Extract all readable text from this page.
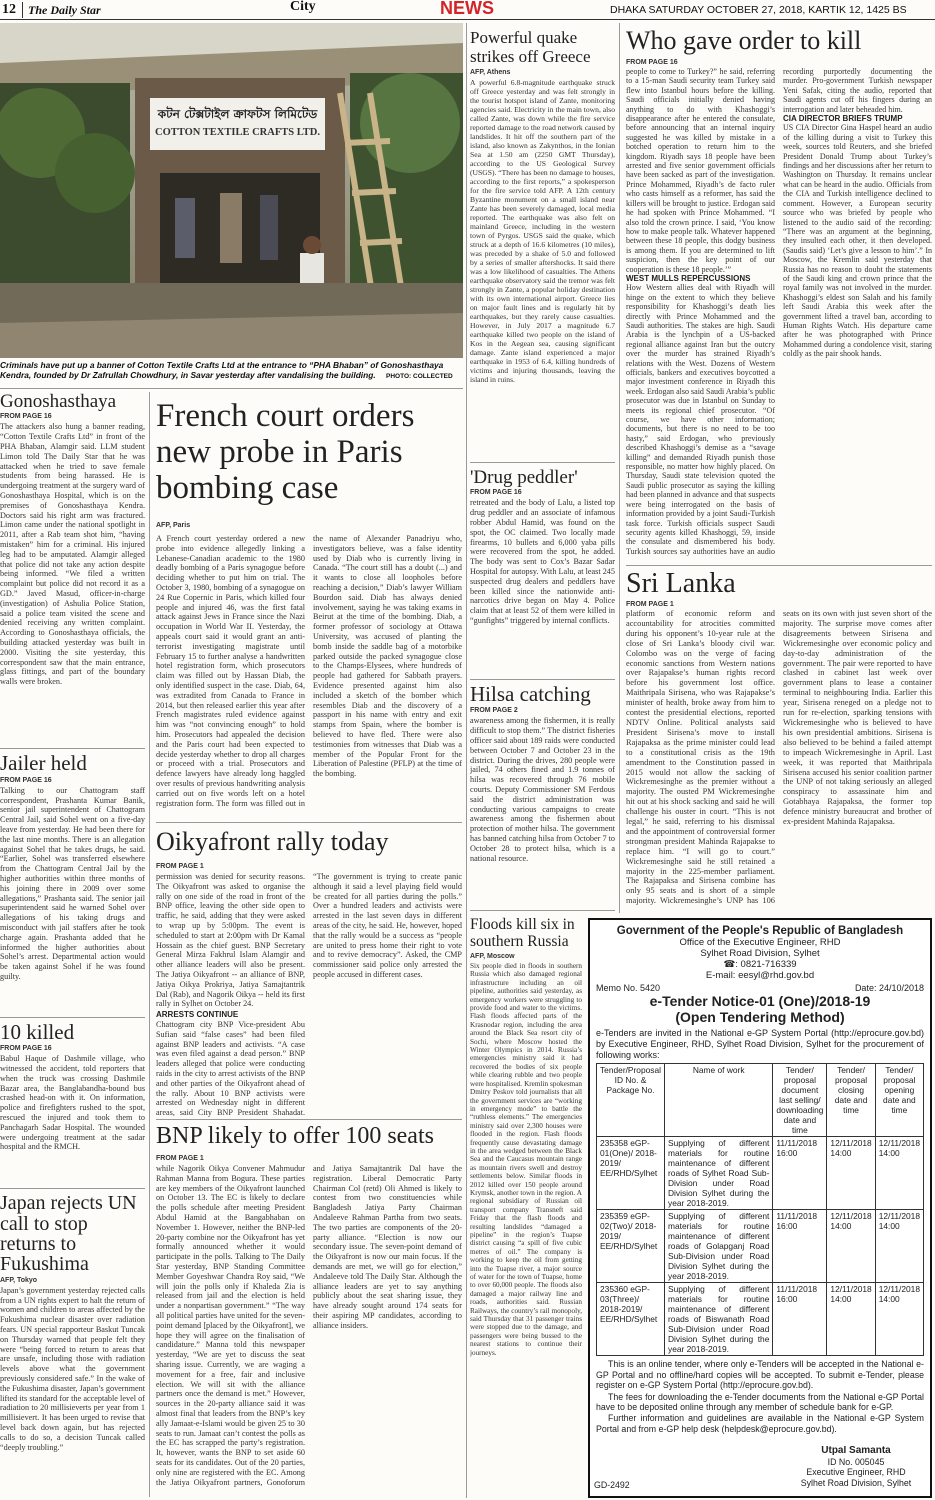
12	The Daily Star	City	NEWS	DHAKA SATURDAY OCTOBER 27, 2018, KARTIK 12, 1425 BS
কটন টেক্সটাইল ক্রাফটস লিমিটেড
COTTON TEXTILE CRAFTS LTD.
Criminals have put up a banner of Cotton Textile Crafts Ltd at the entrance to “PHA Bhaban” of Gonoshasthaya Kendra, founded by Dr Zafrullah Chowdhury, in Savar yesterday after vandalising the building. PHOTO: COLLECTED
Gonoshasthaya
FROM PAGE 16
The attackers also hung a banner reading, “Cotton Textile Crafts Ltd” in front of the PHA Bhaban, Alamgir said. LLM student Limon told The Daily Star that he was attacked when he tried to save female students from being harassed. He is undergoing treatment at the surgery ward of Gonoshasthaya Hospital, which is on the premises of Gonoshasthaya Kendra. Doctors said his right arm was fractured. Limon came under the national spotlight in 2011, after a Rab team shot him, “having mistaken” him for a criminal. His injured leg had to be amputated. Alamgir alleged that police did not take any action despite being informed. “We filed a written complaint but police did not record it as a GD.” Javed Masud, officer-in-charge (investigation) of Ashulia Police Station, said a police team visited the scene and denied receiving any written complaint. According to Gonoshasthaya officials, the building attacked yesterday was built in 2000. Visiting the site yesterday, this correspondent saw that the main entrance, glass fittings, and part of the boundary walls were broken.
Jailer held
FROM PAGE 16
Talking to our Chattogram staff correspondent, Prashanta Kumar Banik, senior jail superintendent of Chattogram Central Jail, said Sohel went on a five-day leave from yesterday. He had been there for the last nine months. There is an allegation against Sohel that he takes drugs, he said. “Earlier, Sohel was transferred elsewhere from the Chattogram Central Jail by the higher authorities within three months of his joining there in 2009 over some allegations,” Prashanta said. The senior jail superintendent said he warned Sohel over allegations of his taking drugs and misconduct with jail staffers after he took charge again. Prashanta added that he informed the higher authorities about Sohel’s arrest. Departmental action would be taken against Sohel if he was found guilty.
10 killed
FROM PAGE 16
Babul Haque of Dashmile village, who witnessed the accident, told reporters that when the truck was crossing Dashmile Bazar area, the Banglabandha-bound bus crashed head-on with it. On information, police and firefighters rushed to the spot, rescued the injured and took them to Panchagarh Sadar Hospital. The wounded were undergoing treatment at the sadar hospital and the RMCH.
Japan rejects UN call to stop returns to Fukushima
AFP, Tokyo
Japan’s government yesterday rejected calls from a UN rights expert to halt the return of women and children to areas affected by the Fukushima nuclear disaster over radiation fears. UN special rapporteur Baskut Tuncak on Thursday warned that people felt they were “being forced to return to areas that are unsafe, including those with radiation levels above what the government previously considered safe.” In the wake of the Fukushima disaster, Japan’s government lifted its standard for the acceptable level of radiation to 20 millisieverts per year from 1 millisievert. It has been urged to revise that level back down again, but has rejected calls to do so, a decision Tuncak called “deeply troubling.”
French court orders new probe in Paris bombing case
AFP, Paris
A French court yesterday ordered a new probe into evidence allegedly linking a Lebanese-Canadian academic to the 1980 deadly bombing of a Paris synagogue before deciding whether to put him on trial. The October 3, 1980, bombing of a synagogue on 24 Rue Copernic in Paris, which killed four people and injured 46, was the first fatal attack against Jews in France since the Nazi occupation in World War II. Yesterday, the appeals court said it would grant an anti-terrorist investigating magistrate until February 15 to further analyse a handwritten hotel registration form, which prosecutors claim was filled out by Hassan Diab, the only identified suspect in the case. Diab, 64, was extradited from Canada to France in 2014, but then released earlier this year after French magistrates ruled evidence against him was “not convincing enough” to hold him. Prosecutors had appealed the decision and the Paris court had been expected to decide yesterday whether to drop all charges or proceed with a trial. Prosecutors and defence lawyers have already long haggled over results of previous handwriting analysis carried out on five words left on a hotel registration form. The form was filled out in the name of Alexander Panadriyu who, investigators believe, was a false identity used by Diab who is currently living in Canada. “The court still has a doubt (...) and it wants to close all loopholes before reaching a decision,” Diab’s lawyer William Bourdon said. Diab has always denied involvement, saying he was taking exams in Beirut at the time of the bombing. Diab, a former professor of sociology at Ottawa University, was accused of planting the bomb inside the saddle bag of a motorbike parked outside the packed synagogue close to the Champs-Elysees, where hundreds of people had gathered for Sabbath prayers. Evidence presented against him also included a sketch of the bomber which resembles Diab and the discovery of a passport in his name with entry and exit stamps from Spain, where the bomber is believed to have fled. There were also testimonies from witnesses that Diab was a member of the Popular Front for the Liberation of Palestine (PFLP) at the time of the bombing.
Oikyafront rally today
FROM PAGE 1
permission was denied for security reasons. The Oikyafront was asked to organise the rally on one side of the road in front of the BNP office, leaving the other side open to traffic, he said, adding that they were asked to wrap up by 5:00pm. The event is scheduled to start at 2:00pm with Dr Kamal Hossain as the chief guest. BNP Secretary General Mirza Fakhrul Islam Alamgir and other alliance leaders will also be present. The Jatiya Oikyafront -- an alliance of BNP, Jatiya Oikya Prokriya, Jatiya Samajtantrik Dal (Rab), and Nagorik Oikya -- held its first rally in Sylhet on October 24.
ARRESTS CONTINUE
Chattogram city BNP Vice-president Abu Sufian said “false cases” had been filed against BNP leaders and activists. “A case was even filed against a dead person.” BNP leaders alleged that police were conducting raids in the city to arrest activists of the BNP and other parties of the Oikyafront ahead of the rally. About 10 BNP activists were arrested on Wednesday night in different areas, said City BNP President Shahadat. “The government is trying to create panic although it said a level playing field would be created for all parties during the polls.” Over a hundred leaders and activists were arrested in the last seven days in different areas of the city, he said. He, however, hoped that the rally would be a success as “people are united to press home their right to vote and to revive democracy”. Asked, the CMP commissioner said police only arrested the people accused in different cases.
BNP likely to offer 100 seats
FROM PAGE 1
while Nagorik Oikya Convener Mahmudur Rahman Manna from Bogura. These parties are key members of the Oikyafront launched on October 13. The EC is likely to declare the polls schedule after meeting President Abdul Hamid at the Bangabhaban on November 1. However, neither the BNP-led 20-party combine nor the Oikyafront has yet formally announced whether it would participate in the polls. Talking to The Daily Star yesterday, BNP Standing Committee Member Goyeshwar Chandra Roy said, “We will join the polls only if Khaleda Zia is released from jail and the election is held under a nonpartisan government.” “The way all political parties have united for the seven-point demand [placed by the Oikyafront], we hope they will agree on the finalisation of candidature.” Manna told this newspaper yesterday, “We are yet to discuss the seat sharing issue. Currently, we are waging a movement for a free, fair and inclusive election. We will sit with the alliance partners once the demand is met.” However, sources in the 20-party alliance said it was almost final that leaders from the BNP’s key ally Jamaat-e-Islami would be given 25 to 30 seats to run. Jamaat can’t contest the polls as the EC has scrapped the party’s registration. It, however, wants the BNP to set aside 60 seats for its candidates. Out of the 20 parties, only nine are registered with the EC. Among the Jatiya Oikyafront partners, Gonoforum and Jatiya Samajtantrik Dal have the registration. Liberal Democratic Party Chairman Col (retd) Oli Ahmed is likely to contest from two constituencies while Bangladesh Jatiya Party Chairman Andaleeve Rahman Partha from two seats. The two parties are components of the 20-party alliance. “Election is now our secondary issue. The seven-point demand of the Oikyafront is now our main focus. If the demands are met, we will go for election,” Andaleeve told The Daily Star. Although the alliance leaders are yet to say anything publicly about the seat sharing issue, they have already sought around 174 seats for their aspiring MP candidates, according to alliance insiders.
Powerful quake strikes off Greece
AFP, Athens
A powerful 6.8-magnitude earthquake struck off Greece yesterday and was felt strongly in the tourist hotspot island of Zante, monitoring agencies said. Electricity in the main town, also called Zante, was down while the fire service reported damage to the road network caused by landslides. It hit off the southern part of the island, also known as Zakynthos, in the Ionian Sea at 1.50 am (2250 GMT Thursday), according to the US Geological Survey (USGS). “There has been no damage to houses, according to the first reports,” a spokesperson for the fire service told AFP. A 12th century Byzantine monument on a small island near Zante has been severely damaged, local media reported. The earthquake was also felt on mainland Greece, including in the western town of Pyrgos. USGS said the quake, which struck at a depth of 16.6 kilometres (10 miles), was preceded by a shake of 5.0 and followed by a series of smaller aftershocks. It said there was a low likelihood of casualties. The Athens earthquake observatory said the tremor was felt strongly in Zante, a popular holiday destination with its own international airport. Greece lies on major fault lines and is regularly hit by earthquakes, but they rarely cause casualties. However, in July 2017 a magnitude 6.7 earthquake killed two people on the island of Kos in the Aegean sea, causing significant damage. Zante island experienced a major earthquake in 1953 of 6.4, killing hundreds of victims and injuring thousands, leaving the island in ruins.
'Drug peddler'
FROM PAGE 16
retreated and the body of Lalu, a listed top drug peddler and an associate of infamous robber Abdul Hamid, was found on the spot, the OC claimed. Two locally made firearms, 10 bullets and 6,000 yaba pills were recovered from the spot, he added. The body was sent to Cox’s Bazar Sadar Hospital for autopsy. With Lalu, at least 245 suspected drug dealers and peddlers have been killed since the nationwide anti-narcotics drive began on May 4. Police claim that at least 52 of them were killed in “gunfights” triggered by internal conflicts.
Hilsa catching
FROM PAGE 2
awareness among the fishermen, it is really difficult to stop them.” The district fisheries officer said about 189 raids were conducted between October 7 and October 23 in the district. During the drives, 280 people were jailed, 74 others fined and 1.9 tonnes of hilsa was recovered through 76 mobile courts. Deputy Commissioner SM Ferdous said the district administration was conducting various campaigns to create awareness among the fishermen about protection of mother hilsa. The government has banned catching hilsa from October 7 to October 28 to protect hilsa, which is a national resource.
Floods kill six in southern Russia
AFP, Moscow
Six people died in floods in southern Russia which also damaged regional infrastructure including an oil pipeline, authorities said yesterday, as emergency workers were struggling to provide food and water to the victims. Flash floods affected parts of the Krasnodar region, including the area around the Black Sea resort city of Sochi, where Moscow hosted the Winter Olympics in 2014. Russia’s emergencies ministry said it had recovered the bodies of six people while clearing rubble and two people were hospitalised. Kremlin spokesman Dmitry Peskov told journalists that all the government services are “working in emergency mode” to battle the “ruthless elements.” The emergencies ministry said over 2,300 houses were flooded in the region. Flash floods frequently cause devastating damage in the area wedged between the Black Sea and the Caucasus mountain range as mountain rivers swell and destroy settlements below. Similar floods in 2012 killed over 150 people around Krymsk, another town in the region. A regional subsidiary of Russian oil transport company Transneft said Friday that the flash floods and resulting landslides “damaged a pipeline” in the region’s Tuapse district causing “a spill of five cubic metres of oil.” The company is working to keep the oil from getting into the Tuapse river, a major source of water for the town of Tuapse, home to over 60,000 people. The floods also damaged a major railway line and roads, authorities said. Russian Railways, the country’s rail monopoly, said Thursday that 31 passenger trains were stopped due to the damage, and passengers were being bussed to the nearest stations to continue their journeys.
Who gave order to kill
FROM PAGE 16
people to come to Turkey?” he said, referring to a 15-man Saudi security team Turkey said flew into Istanbul hours before the killing. Saudi officials initially denied having anything to do with Khashoggi’s disappearance after he entered the consulate, before announcing that an internal inquiry suggested he was killed by mistake in a botched operation to return him to the kingdom. Riyadh says 18 people have been arrested and five senior government officials have been sacked as part of the investigation. Prince Mohammed, Riyadh’s de facto ruler who casts himself as a reformer, has said the killers will be brought to justice. Erdogan said he had spoken with Prince Mohammed. “I also told the crown prince. I said, ‘You know how to make people talk. Whatever happened between these 18 people, this dodgy business is among them. If you are determined to lift suspicion, then the key point of our cooperation is these 18 people.’”
WEST MULLS REPERCUSSIONS
How Western allies deal with Riyadh will hinge on the extent to which they believe responsibility for Khashoggi’s death lies directly with Prince Mohammed and the Saudi authorities. The stakes are high. Saudi Arabia is the lynchpin of a US-backed regional alliance against Iran but the outcry over the murder has strained Riyadh’s relations with the West. Dozens of Western officials, bankers and executives boycotted a major investment conference in Riyadh this week. Erdogan also said Saudi Arabia’s public prosecutor was due in Istanbul on Sunday to meets its regional chief prosecutor. “Of course, we have other information; documents, but there is no need to be too hasty,” said Erdogan, who previously described Khashoggi’s demise as a “savage killing” and demanded Riyadh punish those responsible, no matter how highly placed. On Thursday, Saudi state television quoted the Saudi public prosecutor as saying the killing had been planned in advance and that suspects were being interrogated on the basis of information provided by a joint Saudi-Turkish task force. Turkish officials suspect Saudi security agents killed Khashoggi, 59, inside the consulate and dismembered his body. Turkish sources say authorities have an audio recording purportedly documenting the murder. Pro-government Turkish newspaper Yeni Safak, citing the audio, reported that Saudi agents cut off his fingers during an interrogation and later beheaded him.
CIA DIRECTOR BRIEFS TRUMP
US CIA Director Gina Haspel heard an audio of the killing during a visit to Turkey this week, sources told Reuters, and she briefed President Donald Trump about Turkey’s findings and her discussions after her return to Washington on Thursday. It remains unclear what can be heard in the audio. Officials from the CIA and Turkish intelligence declined to comment. However, a European security source who was briefed by people who listened to the audio said of the recording: “There was an argument at the beginning, they insulted each other, it then developed. (Saudis said) ‘Let’s give a lesson to him’.” In Moscow, the Kremlin said yesterday that Russia has no reason to doubt the statements of the Saudi king and crown prince that the royal family was not involved in the murder. Khashoggi’s eldest son Salah and his family left Saudi Arabia this week after the government lifted a travel ban, according to Human Rights Watch. His departure came after he was photographed with Prince Mohammed during a condolence visit, staring coldly as the pair shook hands.
Sri Lanka
FROM PAGE 1
platform of economic reform and accountability for atrocities committed during his opponent’s 10-year rule at the close of Sri Lanka’s bloody civil war. Colombo was on the verge of facing economic sanctions from Western nations over Rajapakse’s human rights record before his government lost office. Maithripala Sirisena, who was Rajapakse’s minister of health, broke away from him to contest the presidential elections, reported NDTV Online. Political analysts said President Sirisena’s move to install Rajapaksa as the prime minister could lead to a constitutional crisis as the 19th amendment to the Constitution passed in 2015 would not allow the sacking of Wickremesinghe as the premier without a majority. The ousted PM Wickremesinghe hit out at his shock sacking and said he will challenge his ouster in court. “This is not legal,” he said, referring to his dismissal and the appointment of controversial former strongman president Mahinda Rajapakse to replace him. “I will go to court.” Wickremesinghe said he still retained a majority in the 225-member parliament. The Rajapaksa and Sirisena combine has only 95 seats and is short of a simple majority. Wickremesinghe’s UNP has 106 seats on its own with just seven short of the majority. The surprise move comes after disagreements between Sirisena and Wickremesinghe over economic policy and day-to-day administration of the government. The pair were reported to have clashed in cabinet last week over government plans to lease a container terminal to neighbouring India. Earlier this year, Sirisena reneged on a pledge not to run for re-election, sparking tensions with Wickremesinghe who is believed to have his own presidential ambitions. Sirisena is also believed to be behind a failed attempt to impeach Wickremesinghe in April. Last week, it was reported that Maithripala Sirisena accused his senior coalition partner the UNP of not taking seriously an alleged conspiracy to assassinate him and Gotabhaya Rajapaksa, the former top defence ministry bureaucrat and brother of ex-president Mahinda Rajapaksa.
Government of the People's Republic of Bangladesh
Office of the Executive Engineer, RHD
Sylhet Road Division, Sylhet
☎: 0821-716339
E-mail: eesyl@rhd.gov.bd
Memo No. 5420	Date: 24/10/2018
e-Tender Notice-01 (One)/2018-19
(Open Tendering Method)
e-Tenders are invited in the National e-GP System Portal (http://eprocure.gov.bd) by Executive Engineer, RHD, Sylhet Road Division, Sylhet for the procurement of following works:
Tender/Proposal ID No. & Package No.	Name of work	Tender/ proposal document last selling/ downloading date and time	Tender/ proposal closing date and time	Tender/ proposal opening date and time
235358 eGP-01(One)/ 2018-2019/ EE/RHD/Sylhet	Supplying of different materials for routine maintenance of different roads of Sylhet Road Sub-Division under Road Division Sylhet during the year 2018-2019.	11/11/2018 16:00	12/11/2018 14:00	12/11/2018 14:00
235359 eGP-02(Two)/ 2018-2019/ EE/RHD/Sylhet	Supplying of different materials for routine maintenance of different roads of Golapganj Road Sub-Division under Road Division Sylhet during the year 2018-2019.	11/11/2018 16:00	12/11/2018 14:00	12/11/2018 14:00
235360 eGP-03(Three)/ 2018-2019/ EE/RHD/Sylhet	Supplying of different materials for routine maintenance of different roads of Biswanath Road Sub-Division under Road Division Sylhet during the year 2018-2019.	11/11/2018 16:00	12/11/2018 14:00	12/11/2018 14:00
This is an online tender, where only e-Tenders will be accepted in the National e-GP Portal and no offline/hard copies will be accepted. To submit e-Tender, please register on e-GP System Portal (http://eprocure.gov.bd).
The fees for downloading the e-Tender documents from the National e-GP Portal have to be deposited online through any member of schedule bank for e-GP.
Further information and guidelines are available in the National e-GP System Portal and from e-GP help desk (helpdesk@eprocure.gov.bd).
Utpal Samanta
ID No. 005045
Executive Engineer, RHD
Sylhet Road Division, Sylhet
GD-2492
